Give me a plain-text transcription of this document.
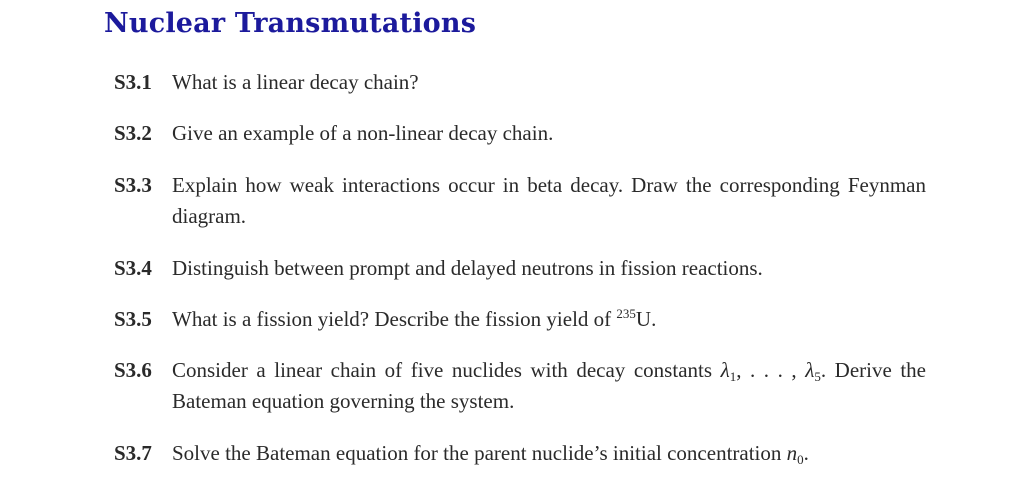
Nuclear Transmutations
S3.1 What is a linear decay chain?
S3.2 Give an example of a non-linear decay chain.
S3.3 Explain how weak interactions occur in beta decay. Draw the corresponding Feynman diagram.
S3.4 Distinguish between prompt and delayed neutrons in fission reactions.
S3.5 What is a fission yield? Describe the fission yield of $^{235}$U.
S3.6 Consider a linear chain of five nuclides with decay constants $\lambda_1$, . . . , $\lambda_5$. Derive the Bateman equation governing the system.
S3.7 Solve the Bateman equation for the parent nuclide’s initial concentration $n_0$.
